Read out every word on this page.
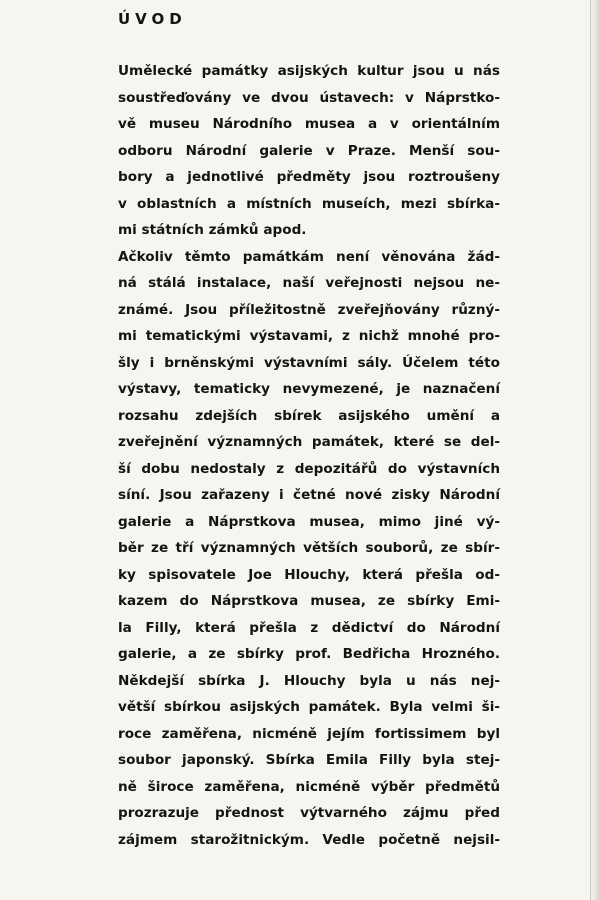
ÚVOD
Umělecké památky asijských kultur jsou u nás
soustřeďovány ve dvou ústavech: v Náprstko-
vě museu Národního musea a v orientálním
odboru Národní galerie v Praze. Menší sou-
bory a jednotlivé předměty jsou roztroušeny
v oblastních a místních museích, mezi sbírka-
mi státních zámků apod.
Ačkoliv těmto památkám není věnována žád-
ná stálá instalace, naší veřejnosti nejsou ne-
známé. Jsou příležitostně zveřejňovány různý-
mi tematickými výstavami, z nichž mnohé pro-
šly i brněnskými výstavními sály. Účelem této
výstavy, tematicky nevymezené, je naznačení
rozsahu zdejších sbírek asijského umění a
zveřejnění významných památek, které se del-
ší dobu nedostaly z depozitářů do výstavních
síní. Jsou zařazeny i četné nové zisky Národní
galerie a Náprstkova musea, mimo jiné vý-
běr ze tří významných větších souborů, ze sbír-
ky spisovatele Joe Hlouchy, která přešla od-
kazem do Náprstkova musea, ze sbírky Emi-
la Filly, která přešla z dědictví do Národní
galerie, a ze sbírky prof. Bedřicha Hrozného.
Někdejší sbírka J. Hlouchy byla u nás nej-
větší sbírkou asijských památek. Byla velmi ši-
roce zaměřena, nicméně jejím fortissimem byl
soubor japonský. Sbírka Emila Filly byla stej-
ně široce zaměřena, nicméně výběr předmětů
prozrazuje přednost výtvarného zájmu před
zájmem starožitnickým. Vedle početně nejsil-
